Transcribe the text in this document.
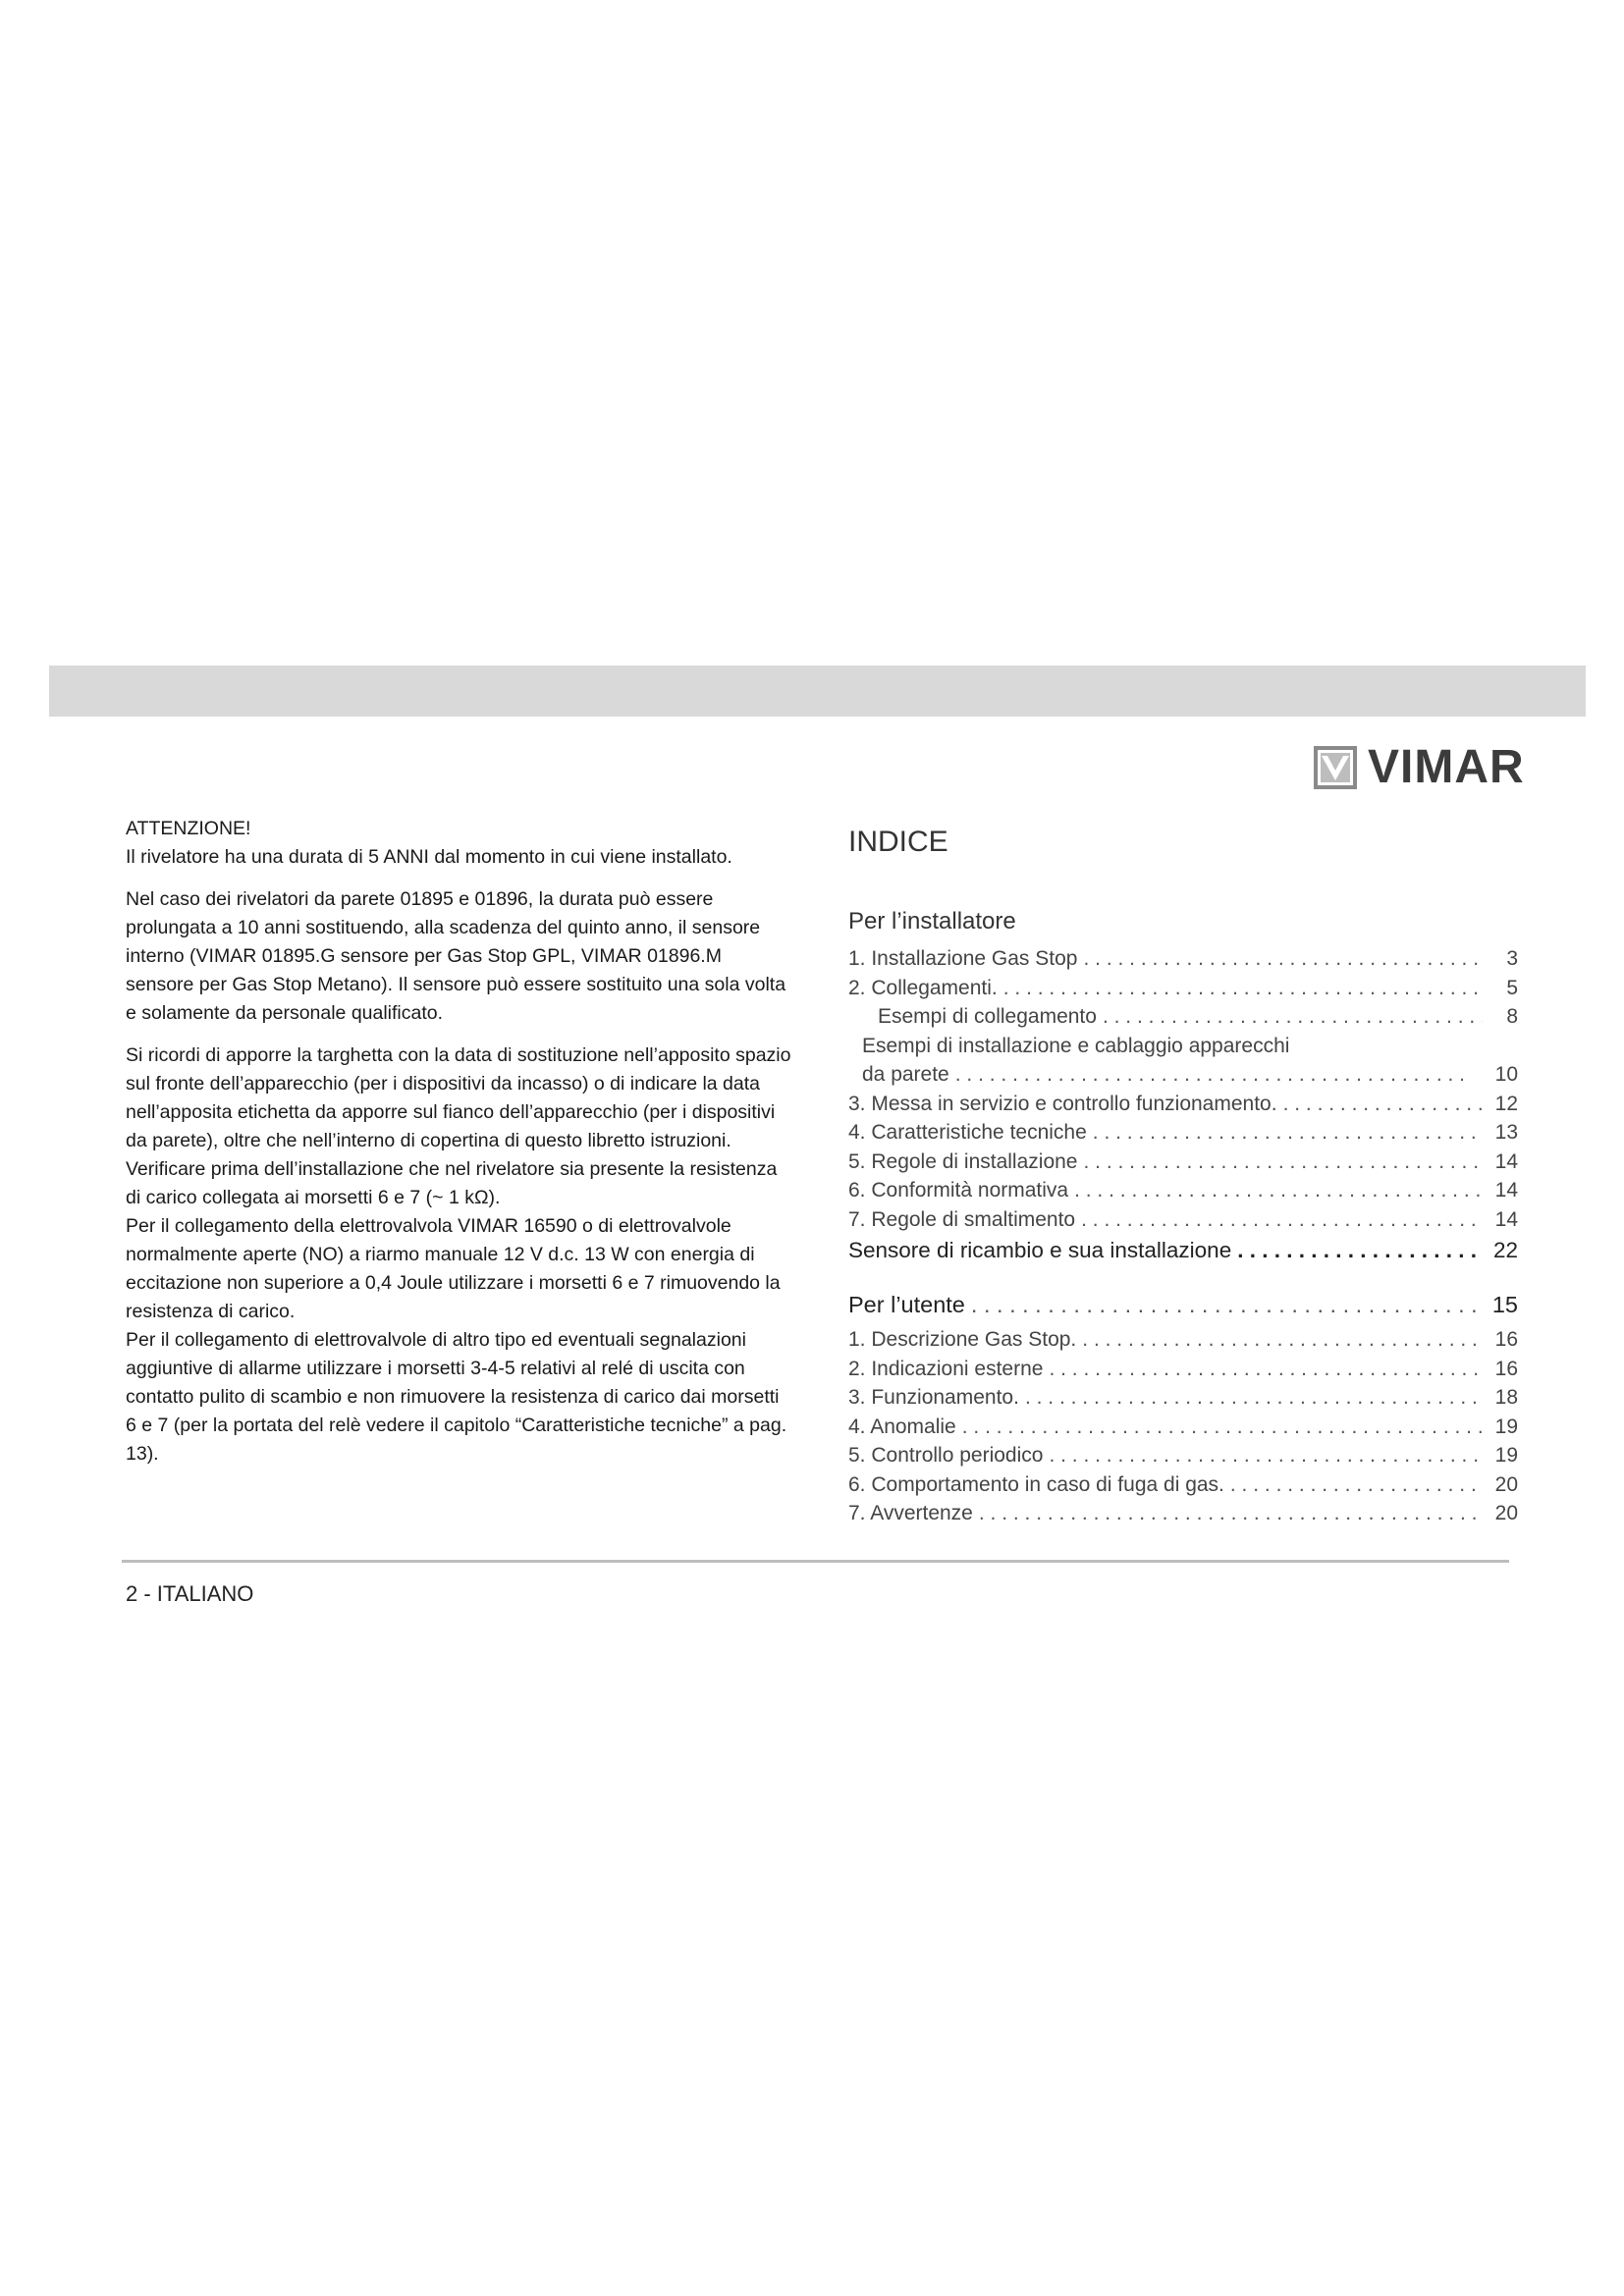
VIMAR

ATTENZIONE!

Il rivelatore ha una durata di 5 ANNI dal momento in cui viene installato.

Nel caso dei rivelatori da parete 01895 e 01896, la durata può essere prolungata a 10 anni sostituendo, alla scadenza del quinto anno, il sensore interno (VIMAR 01895.G sensore per Gas Stop GPL, VIMAR 01896.M sensore per Gas Stop Metano). Il sensore può essere sostituito una sola volta e solamente da personale qualificato.

Si ricordi di apporre la targhetta con la data di sostituzione nell’apposito spazio sul fronte dell’apparecchio (per i dispositivi da incasso) o di indicare la data nell’apposita etichetta da apporre sul fianco dell’apparecchio (per i dispositivi da parete), oltre che nell’interno di copertina di questo libretto istruzioni.

Verificare prima dell’installazione che nel rivelatore sia presente la resistenza di carico collegata ai morsetti 6 e 7 (~ 1 kΩ).

Per il collegamento della elettrovalvola VIMAR 16590 o di elettrovalvole normalmente aperte (NO) a riarmo manuale 12 V d.c. 13 W con energia di eccitazione non superiore a 0,4 Joule utilizzare i morsetti 6 e 7 rimuovendo la resistenza di carico.

Per il collegamento di elettrovalvole di altro tipo ed eventuali segnalazioni aggiuntive di allarme utilizzare i morsetti 3-4-5 relativi al relé di uscita con contatto pulito di scambio e non rimuovere la resistenza di carico dai morsetti 6 e 7 (per la portata del relè vedere il capitolo “Caratteristiche tecniche” a pag. 13).

INDICE
Per l’installatore
1. Installazione Gas Stop . . .	3
2. Collegamenti. . . .	5
Esempi di collegamento . . .	8
Esempi di installazione e cablaggio apparecchi
da parete . . .	10
3. Messa in servizio e controllo funzionamento. . . .	12
4. Caratteristiche tecniche . . .	13
5. Regole di installazione . . .	14
6. Conformità normativa . . .	14
7. Regole di smaltimento . . .	14
Sensore di ricambio e sua installazione . . .	22
Per l’utente . . .	15
1. Descrizione Gas Stop. . . .	16
2. Indicazioni esterne . . .	16
3. Funzionamento. . . .	18
4. Anomalie . . .	19
5. Controllo periodico . . .	19
6. Comportamento in caso di fuga di gas. . . .	20
7. Avvertenze . . .	20
2 - ITALIANO
